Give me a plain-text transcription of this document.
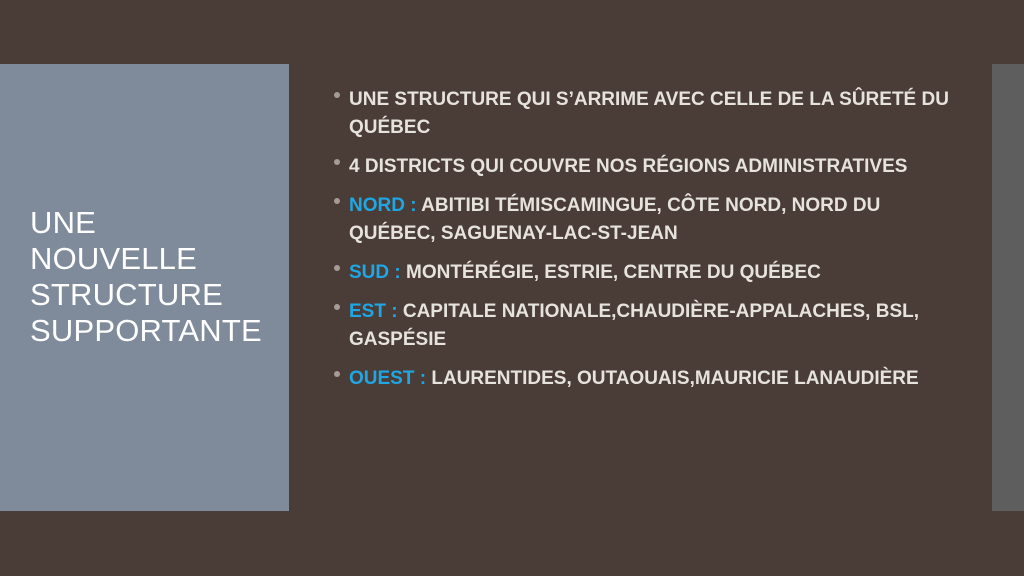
UNE
NOUVELLE
STRUCTURE
SUPPORTANTE
UNE STRUCTURE QUI S’ARRIME AVEC CELLE DE LA SÛRETÉ DU QUÉBEC
4 DISTRICTS QUI COUVRE NOS RÉGIONS ADMINISTRATIVES
NORD : ABITIBI TÉMISCAMINGUE, CÔTE NORD, NORD DU QUÉBEC, SAGUENAY-LAC-ST-JEAN
SUD : MONTÉRÉGIE, ESTRIE, CENTRE DU QUÉBEC
EST : CAPITALE NATIONALE,CHAUDIÈRE-APPALACHES, BSL, GASPÉSIE
OUEST : LAURENTIDES, OUTAOUAIS,MAURICIE LANAUDIÈRE
